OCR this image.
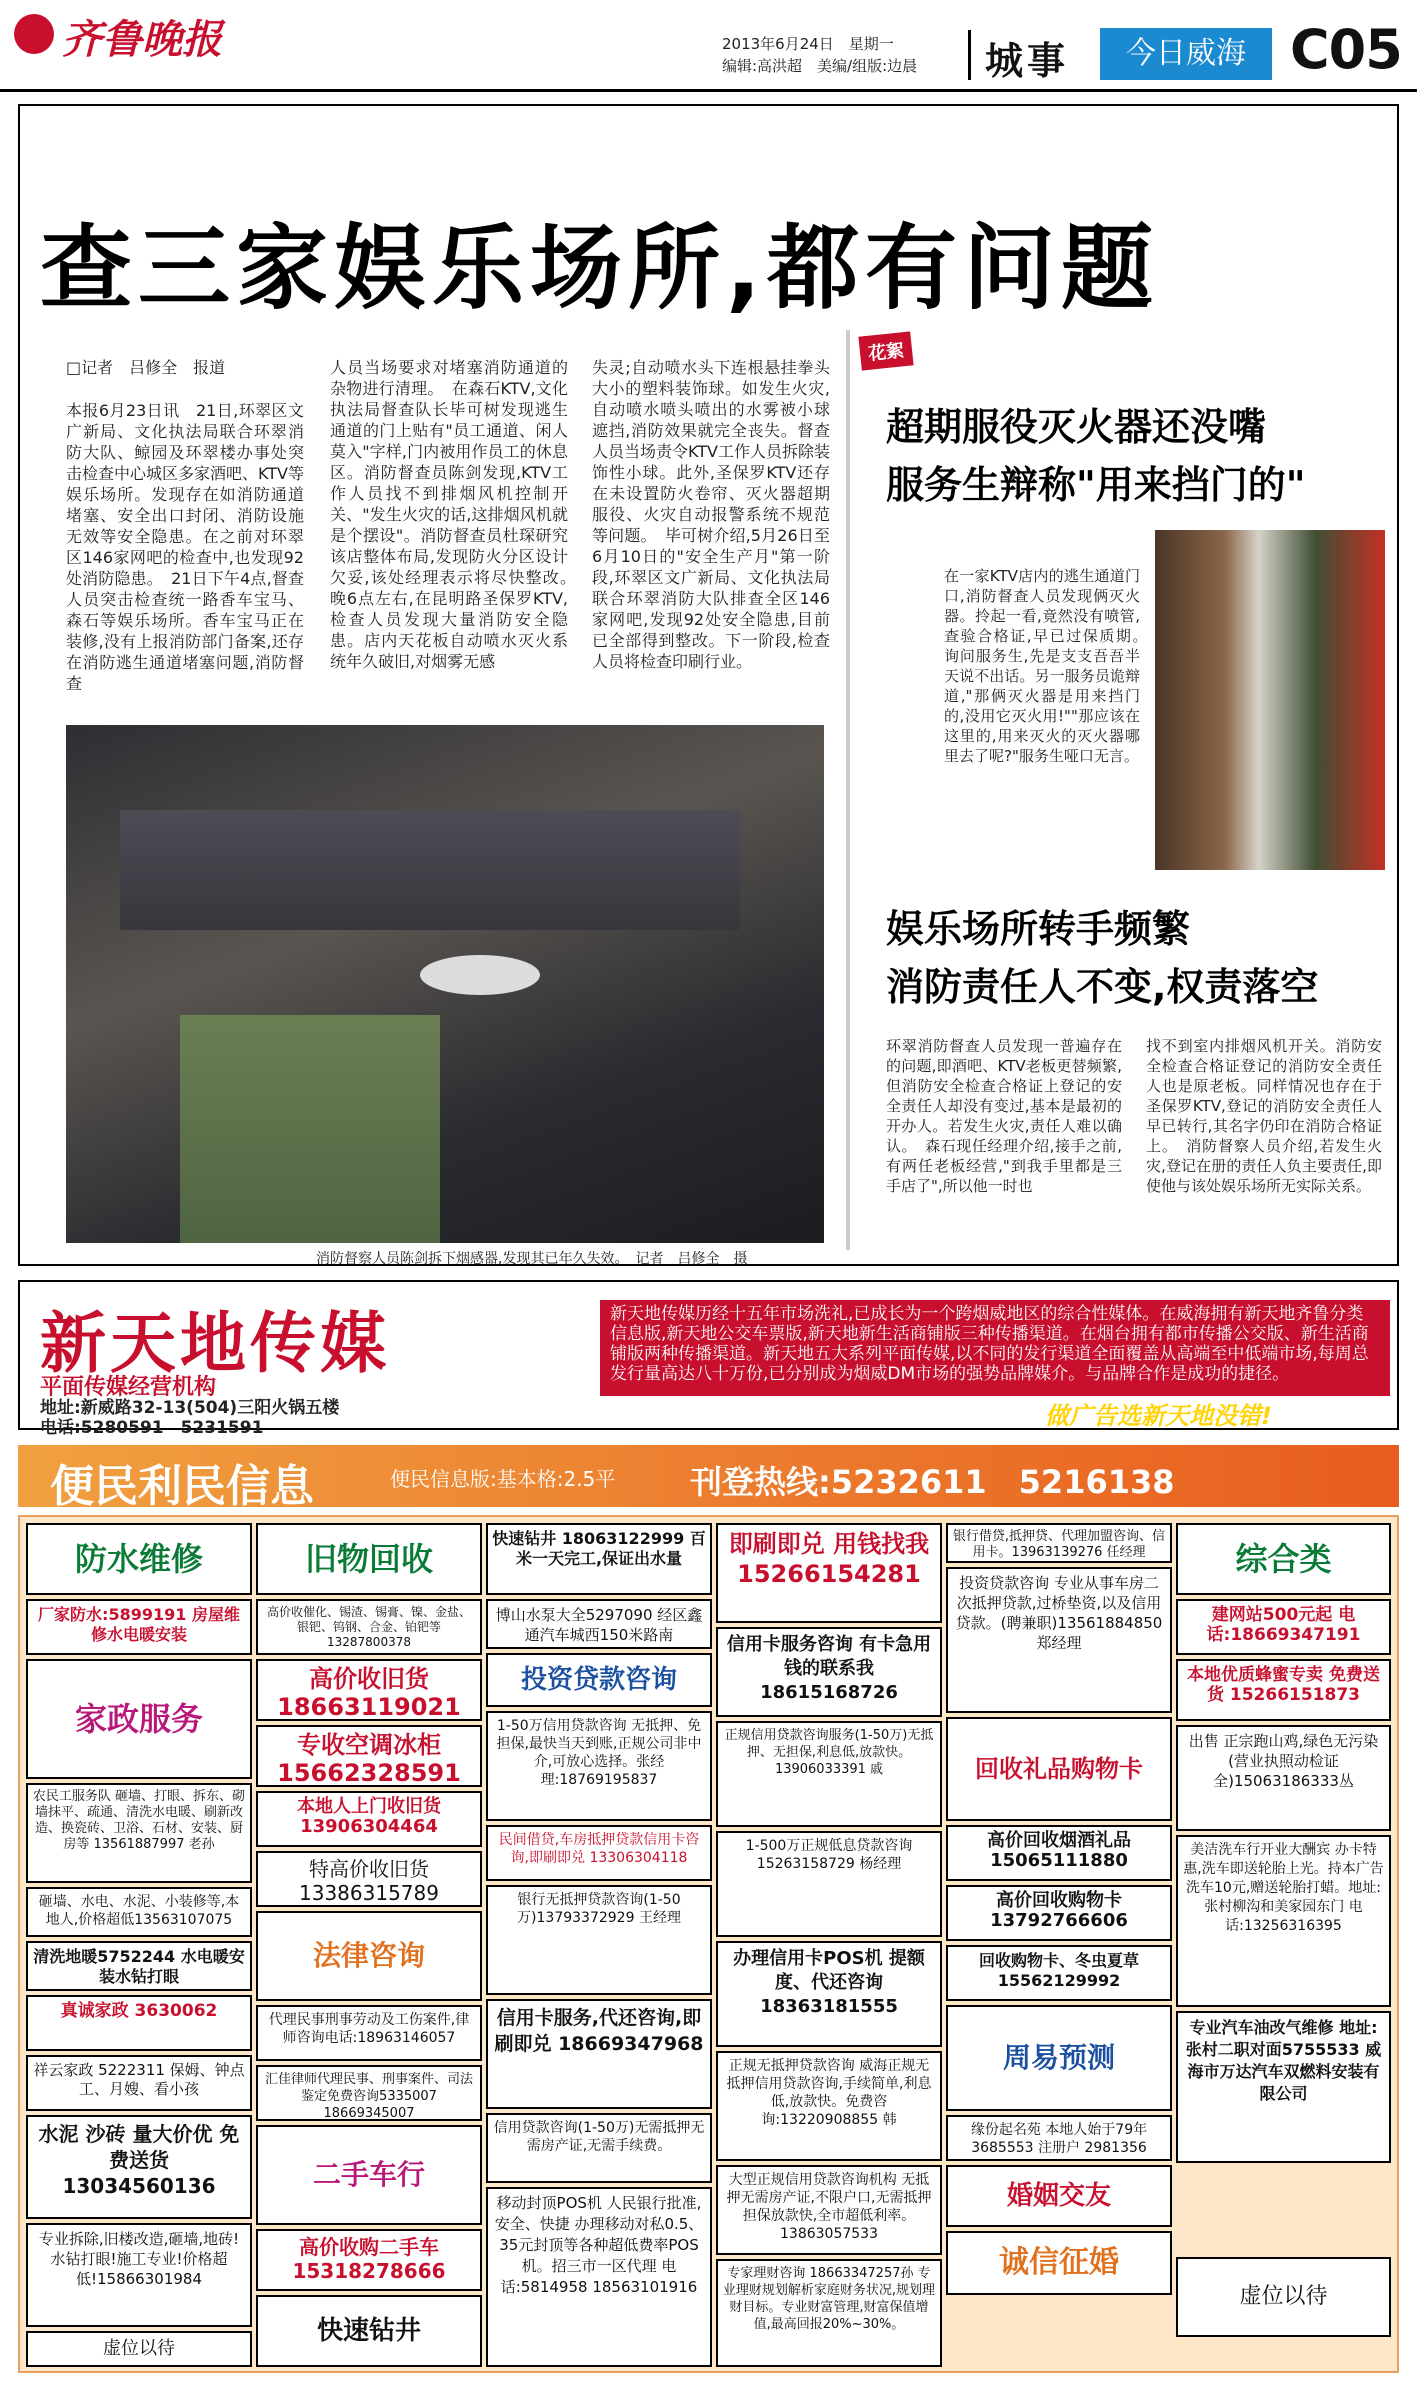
齐鲁晚报	2013年6月24日　星期一
编辑:高洪超　美编/组版:边晨 城事	今日威海 C05
查三家娱乐场所,都有问题
□记者　吕修全　报道
本报6月23日讯　21日,环翠区文广新局、文化执法局联合环翠消防大队、鲸园及环翠楼办事处突击检查中心城区多家酒吧、KTV等娱乐场所。发现存在如消防通道堵塞、安全出口封闭、消防设施无效等安全隐患。在之前对环翠区146家网吧的检查中,也发现92处消防隐患。　21日下午4点,督查人员突击检查统一路香车宝马、森石等娱乐场所。香车宝马正在装修,没有上报消防部门备案,还存在消防逃生通道堵塞问题,消防督查
人员当场要求对堵塞消防通道的杂物进行清理。　在森石KTV,文化执法局督查队长毕可树发现逃生通道的门上贴有"员工通道、闲人莫入"字样,门内被用作员工的休息区。消防督查员陈剑发现,KTV工作人员找不到排烟风机控制开关、"发生火灾的话,这排烟风机就是个摆设"。消防督查员杜琛研究该店整体布局,发现防火分区设计欠妥,该处经理表示将尽快整改。　晚6点左右,在昆明路圣保罗KTV,检查人员发现大量消防安全隐患。店内天花板自动喷水灭火系统年久破旧,对烟雾无感
失灵;自动喷水头下连根悬挂拳头大小的塑料装饰球。如发生火灾,自动喷水喷头喷出的水雾被小球遮挡,消防效果就完全丧失。督查人员当场责令KTV工作人员拆除装饰性小球。此外,圣保罗KTV还存在未设置防火卷帘、灭火器超期服役、火灾自动报警系统不规范等问题。　毕可树介绍,5月26日至6月10日的"安全生产月"第一阶段,环翠区文广新局、文化执法局联合环翠消防大队排查全区146家网吧,发现92处安全隐患,目前已全部得到整改。下一阶段,检查人员将检查印刷行业。
消防督察人员陈剑拆下烟感器,发现其已年久失效。　记者　吕修全　摄
花絮
超期服役灭火器还没嘴
服务生辩称"用来挡门的"
在一家KTV店内的逃生通道门口,消防督查人员发现俩灭火器。拎起一看,竟然没有喷管,查验合格证,早已过保质期。　询问服务生,先是支支吾吾半天说不出话。另一服务员诡辩道,"那俩灭火器是用来挡门的,没用它灭火用!""那应该在这里的,用来灭火的灭火器哪里去了呢?"服务生哑口无言。
娱乐场所转手频繁
消防责任人不变,权责落空
环翠消防督查人员发现一普遍存在的问题,即酒吧、KTV老板更替频繁,但消防安全检查合格证上登记的安全责任人却没有变过,基本是最初的开办人。若发生火灾,责任人难以确认。　森石现任经理介绍,接手之前,有两任老板经营,"到我手里都是三手店了",所以他一时也
找不到室内排烟风机开关。消防安全检查合格证登记的消防安全责任人也是原老板。同样情况也存在于圣保罗KTV,登记的消防安全责任人早已转行,其名字仍印在消防合格证上。　消防督察人员介绍,若发生火灾,登记在册的责任人负主要责任,即使他与该处娱乐场所无实际关系。
新天地传媒
平面传媒经营机构
地址:新威路32-13(504)三阳火锅五楼
电话:5280591　5231591
新天地传媒历经十五年市场洗礼,已成长为一个跨烟威地区的综合性媒体。在威海拥有新天地齐鲁分类信息版,新天地公交车票版,新天地新生活商铺版三种传播渠道。在烟台拥有都市传播公交版、新生活商铺版两种传播渠道。新天地五大系列平面传媒,以不同的发行渠道全面覆盖从高端至中低端市场,每周总发行量高达八十万份,已分别成为烟威DM市场的强势品牌媒介。与品牌合作是成功的捷径。
做广告选新天地没错!
便民利民信息	便民信息版:基本格:2.5平 刊登热线:5232611　5216138
防水维修	旧物回收
快速钻井 18063122999 百米一天完工,保证出水量
即刷即兑 用钱找我 15266154281
银行借贷,抵押贷、代理加盟咨询、信用卡。13963139276 任经理	综合类
厂家防水:5899191 房屋维修水电暖安装
高价收催化、锡渣、锡膏、镍、金盐、银钯、钨钢、合金、铂钯等 13287800378
博山水泵大全5297090 经区鑫通汽车城西150米路南
投资贷款咨询
信用卡服务咨询 有卡急用钱的联系我 18615168726
投资贷款咨询 专业从事车房二次抵押贷款,过桥垫资,以及信用贷款。(聘兼职)13561884850 郑经理
建网站500元起 电话:18669347191
家政服务
高价收旧货 18663119021
1-50万信用贷款咨询 无抵押、免担保,最快当天到账,正规公司非中介,可放心选择。张经理:18769195837
本地优质蜂蜜专卖 免费送货 15266151873
专收空调冰柜 15662328591
正规信用贷款咨询服务(1-50万)无抵押、无担保,利息低,放款快。13906033391 戚	回收礼品购物卡
出售 正宗跑山鸡,绿色无污染(营业执照动检证全)15063186333丛
农民工服务队 砸墙、打眼、拆东、砌墙抹平、疏通、清洗水电暖、刷新改造、换瓷砖、卫浴、石材、安装、厨房等 13561887997 老孙
本地人上门收旧货 13906304464
民间借贷,车房抵押贷款信用卡咨询,即刷即兑 13306304118
高价回收烟酒礼品 15065111880
特高价收旧货 13386315789	银行无抵押贷款咨询(1-50万)13793372929 王经理
1-500万正规低息贷款咨询 15263158729 杨经理
高价回收购物卡 13792766606
美洁洗车行开业大酬宾 办卡特惠,洗车即送轮胎上光。持本广告洗车10元,赠送轮胎打蜡。地址:张村柳沟和美家园东门 电话:13256316395
砸墙、水电、水泥、小装修等,本地人,价格超低13563107075
法律咨询	回收购物卡、冬虫夏草 15562129992
清洗地暖5752244 水电暖安装水钻打眼
信用卡服务,代还咨询,即刷即兑 18669347968
办理信用卡POS机 提额度、代还咨询 18363181555
周易预测
专业汽车油改气维修 地址:张村二职对面5755533 威海市万达汽车双燃料安装有限公司
真诚家政 3630062	代理民事刑事劳动及工伤案件,律师咨询电话:18963146057
缘份起名苑 本地人始于79年 3685553 注册户 2981356
祥云家政 5222311 保姆、钟点工、月嫂、看小孩
汇佳律师代理民事、刑事案件、司法鉴定免费咨询5335007 18669345007
信用贷款咨询(1-50万)无需抵押无需房产证,无需手续费。
正规无抵押贷款咨询 威海正规无抵押信用贷款咨询,手续简单,利息低,放款快。免费咨询:13220908855 韩
婚姻交友
水泥 沙砖 量大价优 免费送货 13034560136	二手车行
移动封顶POS机 人民银行批准,安全、快捷 办理移动对私0.5、35元封顶等各种超低费率POS机。招三市一区代理 电话:5814958 18563101916
大型正规信用贷款咨询机构 无抵押无需房产证,不限户口,无需抵押担保放款快,全市超低利率。13863057533
专业拆除,旧楼改造,砸墙,地砖!水钻打眼!施工专业!价格超低!15866301984
高价收购二手车 15318278666	诚信征婚
专家理财咨询 18663347257孙 专业理财规划解析家庭财务状况,规划理财目标。专业财富管理,财富保值增值,最高回报20%~30%。
虚位以待
快速钻井
虚位以待
